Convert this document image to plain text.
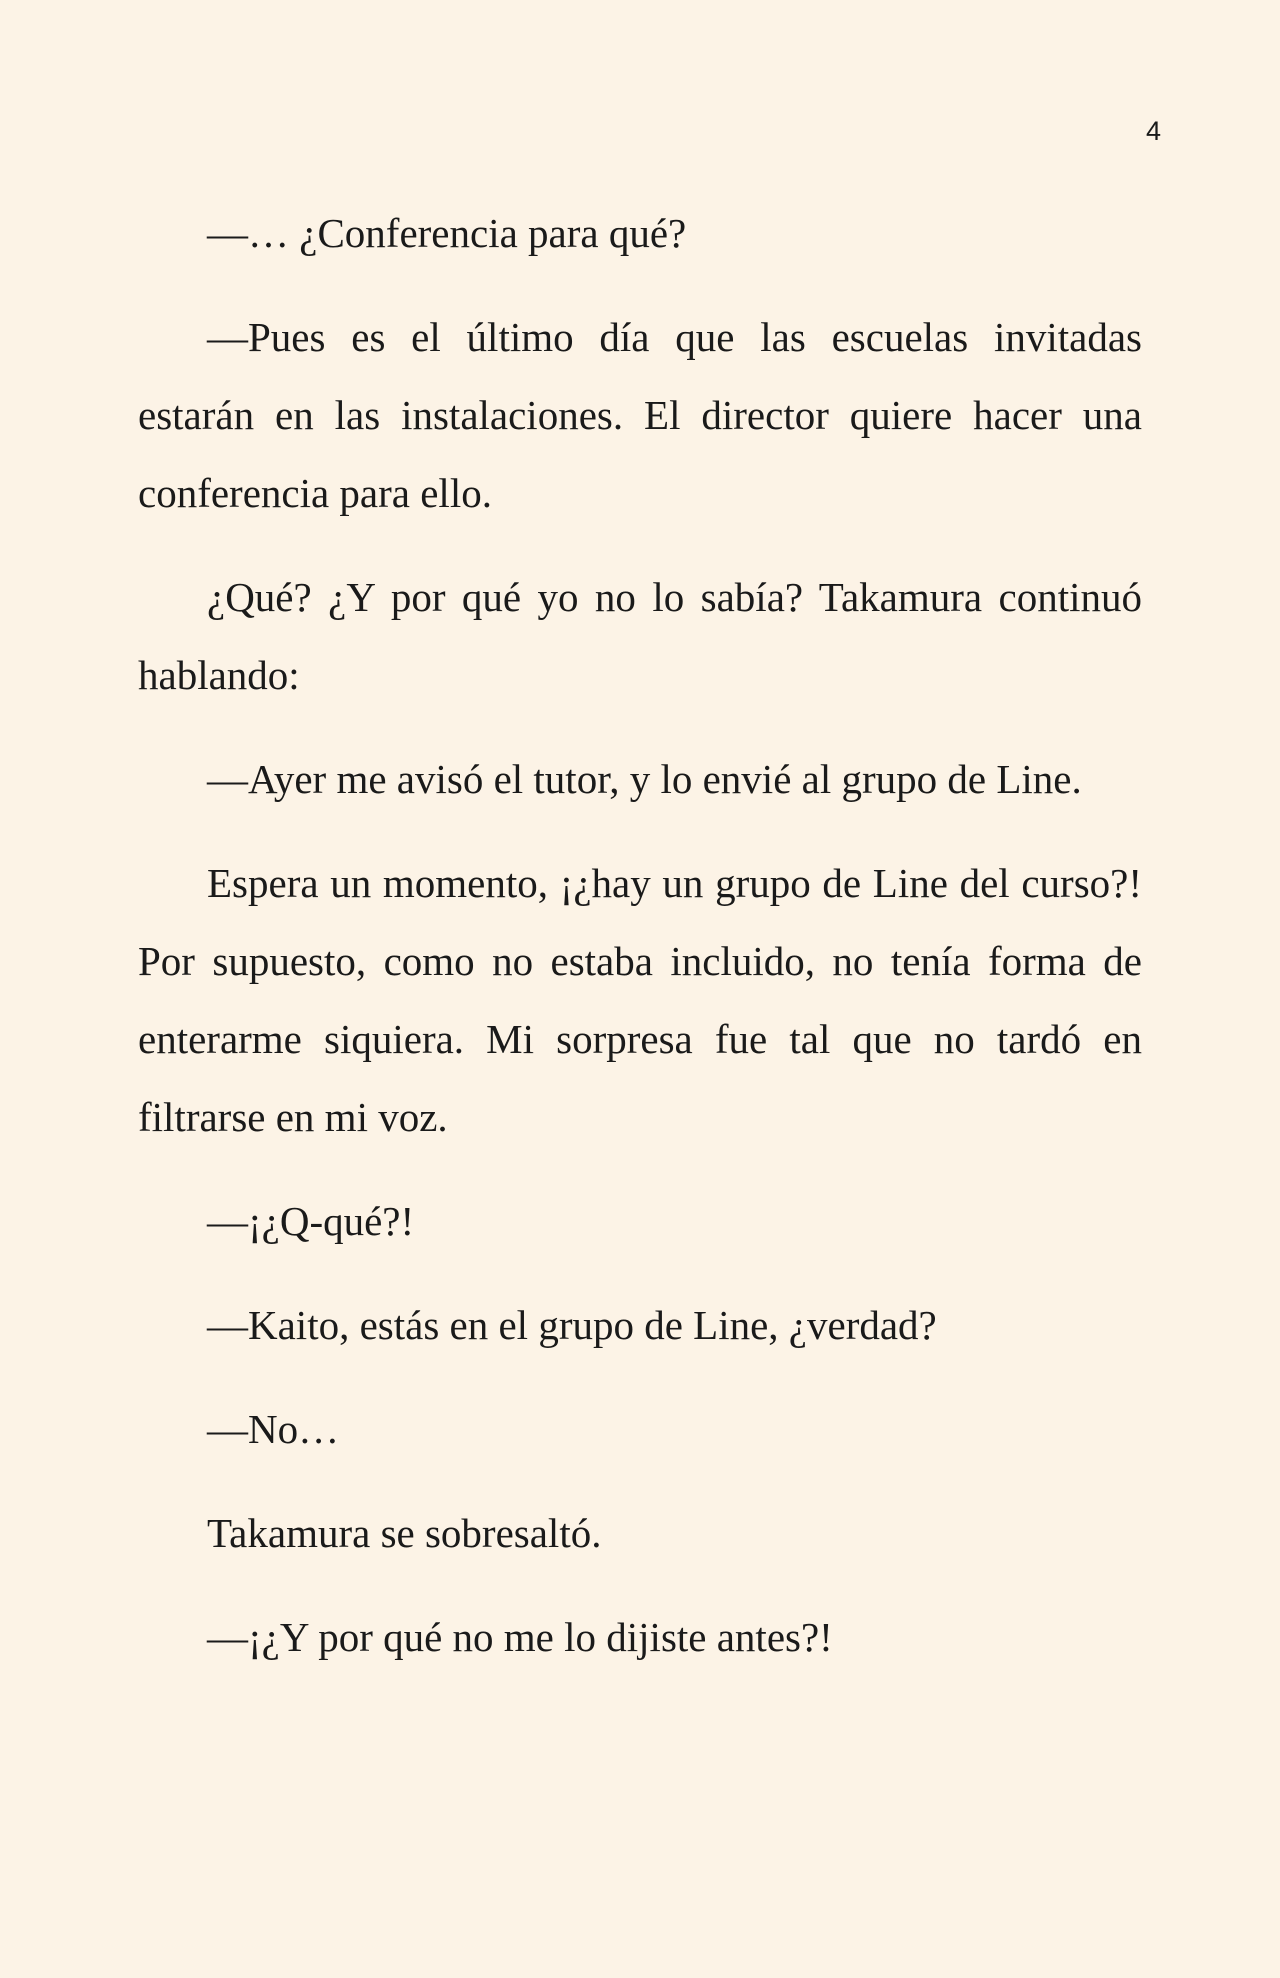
4

—… ¿Conferencia para qué?

—Pues es el último día que las escuelas invitadas estarán en las instalaciones. El director quiere hacer una conferencia para ello.

¿Qué? ¿Y por qué yo no lo sabía? Takamura continuó hablando:

—Ayer me avisó el tutor, y lo envié al grupo de Line.

Espera un momento, ¡¿hay un grupo de Line del curso?! Por supuesto, como no estaba incluido, no tenía forma de enterarme siquiera. Mi sorpresa fue tal que no tardó en filtrarse en mi voz.

—¡¿Q-qué?!

—Kaito, estás en el grupo de Line, ¿verdad?

—No…

Takamura se sobresaltó.

—¡¿Y por qué no me lo dijiste antes?!
